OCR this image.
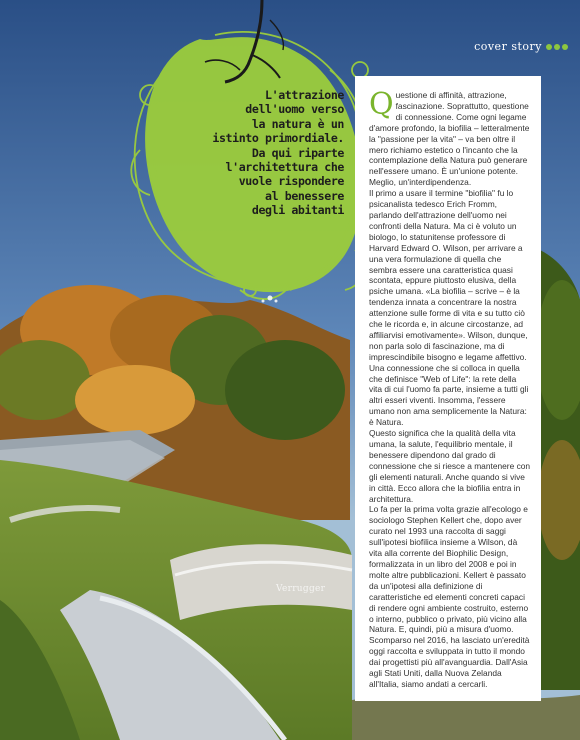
cover story
L'attrazione
dell'uomo verso
la natura è un
istinto primordiale.
Da qui riparte
l'architettura che
vuole rispondere
al benessere
degli abitanti
Q uestione di affinità, attrazione, fascinazione. Soprattutto, questione di connessione. Come ogni legame d'amore profondo, la biofilia – letteralmente la "passione per la vita" – va ben oltre il mero richiamo estetico o l'incanto che la contemplazione della Natura può generare nell'essere umano. È un'unione potente. Meglio, un'interdipendenza.

Il primo a usare il termine "biofilia" fu lo psicanalista tedesco Erich Fromm, parlando dell'attrazione dell'uomo nei confronti della Natura. Ma ci è voluto un biologo, lo statunitense professore di Harvard Edward O. Wilson, per arrivare a una vera formulazione di quella che sembra essere una caratteristica quasi scontata, eppure piuttosto elusiva, della psiche umana. «La biofilia – scrive – è la tendenza innata a concentrare la nostra attenzione sulle forme di vita e su tutto ciò che le ricorda e, in alcune circostanze, ad affiliarvisi emotivamente». Wilson, dunque, non parla solo di fascinazione, ma di imprescindibile bisogno e legame affettivo. Una connessione che si colloca in quella che definisce "Web of Life": la rete della vita di cui l'uomo fa parte, insieme a tutti gli altri esseri viventi. Insomma, l'essere umano non ama semplicemente la Natura: è Natura.

Questo significa che la qualità della vita umana, la salute, l'equilibrio mentale, il benessere dipendono dal grado di connessione che si riesce a mantenere con gli elementi naturali. Anche quando si vive in città. Ecco allora che la biofilia entra in architettura.

Lo fa per la prima volta grazie all'ecologo e sociologo Stephen Kellert che, dopo aver curato nel 1993 una raccolta di saggi sull'ipotesi biofilica insieme a Wilson, dà vita alla corrente del Biophilic Design, formalizzata in un libro del 2008 e poi in molte altre pubblicazioni. Kellert è passato da un'ipotesi alla definizione di caratteristiche ed elementi concreti capaci di rendere ogni ambiente costruito, esterno o interno, pubblico o privato, più vicino alla Natura. E, quindi, più a misura d'uomo. Scomparso nel 2016, ha lasciato un'eredità oggi raccolta e sviluppata in tutto il mondo dai progettisti più all'avanguardia. Dall'Asia agli Stati Uniti, dalla Nuova Zelanda all'Italia, siamo andati a cercarli.

Verrugger
